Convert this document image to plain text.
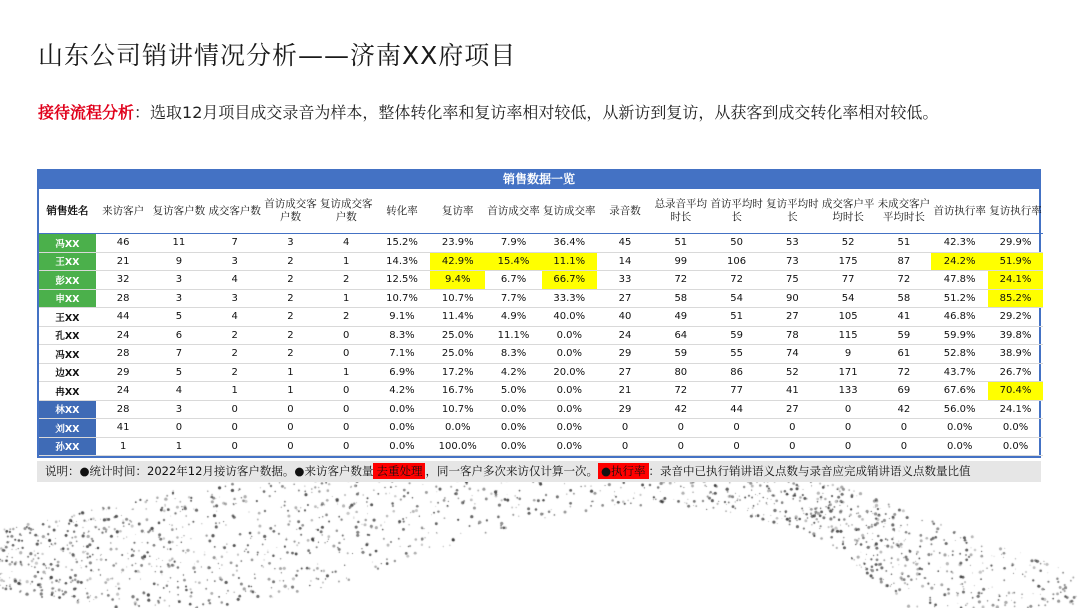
山东公司销讲情况分析——济南XX府项目
接待流程分析：选取12月项目成交录音为样本，整体转化率和复访率相对较低，从新访到复访，从获客到成交转化率相对较低。
销售数据一览
销售姓名	来访客户	复访客户数	成交客户数	首访成交客户数	复访成交客户数	转化率	复访率	首访成交率	复访成交率	录音数	总录音平均时长	首访平均时长	复访平均时长	成交客户平均时长	未成交客户平均时长	首访执行率	复访执行率
冯XX	46	11	7	3	4	15.2%	23.9%	7.9%	36.4%	45	51	50	53	52	51	42.3%	29.9%
王XX	21	9	3	2	1	14.3%	42.9%	15.4%	11.1%	14	99	106	73	175	87	24.2%	51.9%
彭XX	32	3	4	2	2	12.5%	9.4%	6.7%	66.7%	33	72	72	75	77	72	47.8%	24.1%
申XX	28	3	3	2	1	10.7%	10.7%	7.7%	33.3%	27	58	54	90	54	58	51.2%	85.2%
王XX	44	5	4	2	2	9.1%	11.4%	4.9%	40.0%	40	49	51	27	105	41	46.8%	29.2%
孔XX	24	6	2	2	0	8.3%	25.0%	11.1%	0.0%	24	64	59	78	115	59	59.9%	39.8%
冯XX	28	7	2	2	0	7.1%	25.0%	8.3%	0.0%	29	59	55	74	9	61	52.8%	38.9%
边XX	29	5	2	1	1	6.9%	17.2%	4.2%	20.0%	27	80	86	52	171	72	43.7%	26.7%
冉XX	24	4	1	1	0	4.2%	16.7%	5.0%	0.0%	21	72	77	41	133	69	67.6%	70.4%
林XX	28	3	0	0	0	0.0%	10.7%	0.0%	0.0%	29	42	44	27	0	42	56.0%	24.1%
刘XX	41	0	0	0	0	0.0%	0.0%	0.0%	0.0%	0	0	0	0	0	0	0.0%	0.0%
孙XX	1	1	0	0	0	0.0%	100.0%	0.0%	0.0%	0	0	0	0	0	0	0.0%	0.0%
说明：●统计时间：2022年12月接访客户数据。●来访客户数量 去重处理 ，同一客户多次来访仅计算一次。 ●执行率 ：录音中已执行销讲语义点数与录音应完成销讲语义点数量比值
